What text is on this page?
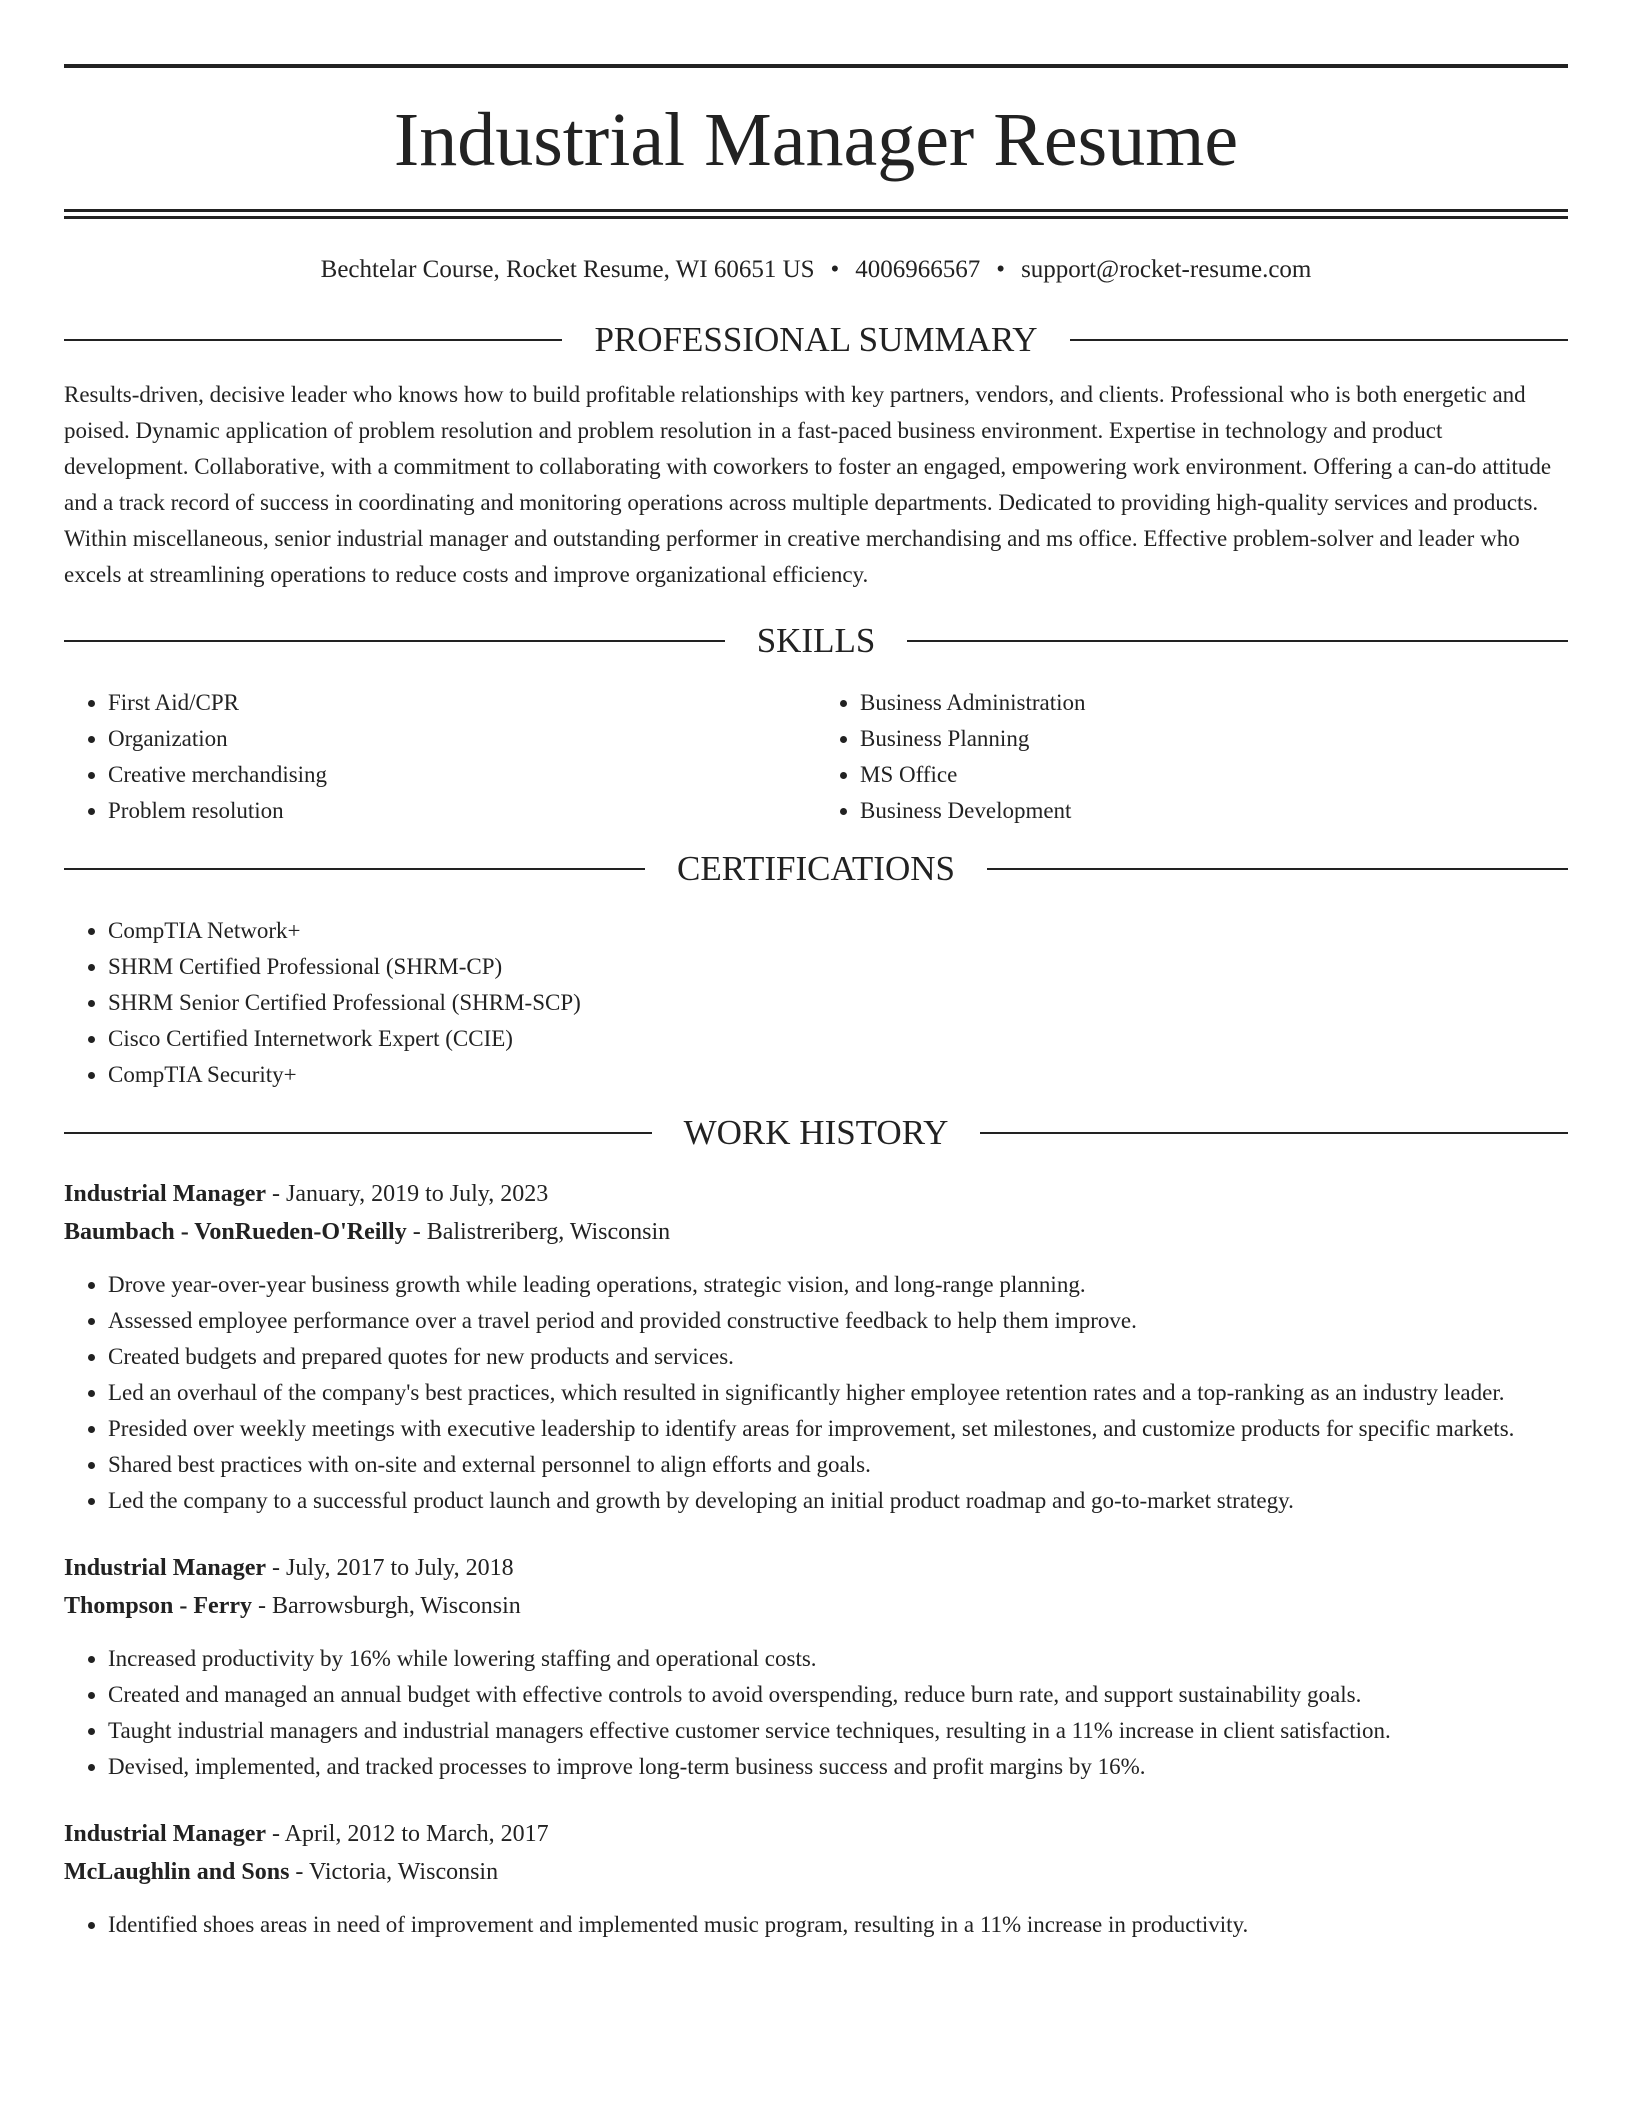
Industrial Manager Resume
Bechtelar Course, Rocket Resume, WI 60651 US • 4006966567 • support@rocket-resume.com
PROFESSIONAL SUMMARY

Results-driven, decisive leader who knows how to build profitable relationships with key partners, vendors, and clients. Professional who is both energetic and poised. Dynamic application of problem resolution and problem resolution in a fast-paced business environment. Expertise in technology and product development. Collaborative, with a commitment to collaborating with coworkers to foster an engaged, empowering work environment. Offering a can-do attitude and a track record of success in coordinating and monitoring operations across multiple departments. Dedicated to providing high-quality services and products. Within miscellaneous, senior industrial manager and outstanding performer in creative merchandising and ms office. Effective problem-solver and leader who excels at streamlining operations to reduce costs and improve organizational efficiency.

SKILLS
• First Aid/CPR
• Organization
• Creative merchandising
• Problem resolution
• Business Administration
• Business Planning
• MS Office
• Business Development
CERTIFICATIONS
• CompTIA Network+
• SHRM Certified Professional (SHRM-CP)
• SHRM Senior Certified Professional (SHRM-SCP)
• Cisco Certified Internetwork Expert (CCIE)
• CompTIA Security+
WORK HISTORY
Industrial Manager - January, 2019 to July, 2023
Baumbach - VonRueden-O'Reilly - Balistreriberg, Wisconsin
• Drove year-over-year business growth while leading operations, strategic vision, and long-range planning.
• Assessed employee performance over a travel period and provided constructive feedback to help them improve.
• Created budgets and prepared quotes for new products and services.
• Led an overhaul of the company's best practices, which resulted in significantly higher employee retention rates and a top-ranking as an industry leader.
• Presided over weekly meetings with executive leadership to identify areas for improvement, set milestones, and customize products for specific markets.
• Shared best practices with on-site and external personnel to align efforts and goals.
• Led the company to a successful product launch and growth by developing an initial product roadmap and go-to-market strategy.
Industrial Manager - July, 2017 to July, 2018
Thompson - Ferry - Barrowsburgh, Wisconsin
• Increased productivity by 16% while lowering staffing and operational costs.
• Created and managed an annual budget with effective controls to avoid overspending, reduce burn rate, and support sustainability goals.
• Taught industrial managers and industrial managers effective customer service techniques, resulting in a 11% increase in client satisfaction.
• Devised, implemented, and tracked processes to improve long-term business success and profit margins by 16%.
Industrial Manager - April, 2012 to March, 2017
McLaughlin and Sons - Victoria, Wisconsin
• Identified shoes areas in need of improvement and implemented music program, resulting in a 11% increase in productivity.
